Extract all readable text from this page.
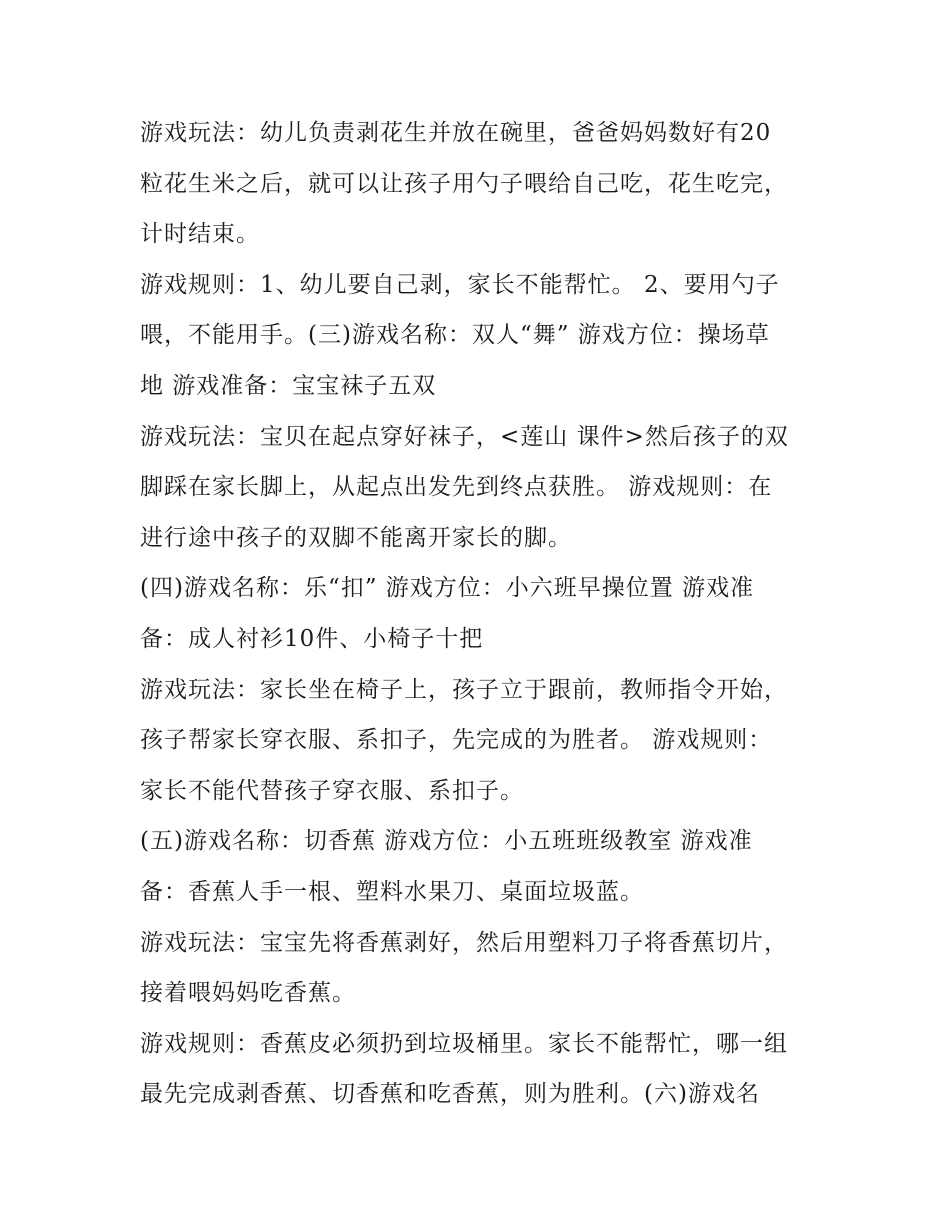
游戏玩法：幼儿负责剥花生并放在碗里，爸爸妈妈数好有20
粒花生米之后，就可以让孩子用勺子喂给自己吃，花生吃完，
计时结束。
游戏规则：1、幼儿要自己剥，家长不能帮忙。 2、要用勺子
喂，不能用手。(三)游戏名称：双人“舞” 游戏方位：操场草
地 游戏准备：宝宝袜子五双
游戏玩法：宝贝在起点穿好袜子，<莲山 课件>然后孩子的双
脚踩在家长脚上，从起点出发先到终点获胜。 游戏规则：在
进行途中孩子的双脚不能离开家长的脚。
(四)游戏名称：乐“扣” 游戏方位：小六班早操位置 游戏准
备：成人衬衫10件、小椅子十把
游戏玩法：家长坐在椅子上，孩子立于跟前，教师指令开始，
孩子帮家长穿衣服、系扣子，先完成的为胜者。 游戏规则：
家长不能代替孩子穿衣服、系扣子。
(五)游戏名称：切香蕉 游戏方位：小五班班级教室 游戏准
备：香蕉人手一根、塑料水果刀、桌面垃圾蓝。
游戏玩法：宝宝先将香蕉剥好，然后用塑料刀子将香蕉切片，
接着喂妈妈吃香蕉。
游戏规则：香蕉皮必须扔到垃圾桶里。家长不能帮忙，哪一组
最先完成剥香蕉、切香蕉和吃香蕉，则为胜利。(六)游戏名
